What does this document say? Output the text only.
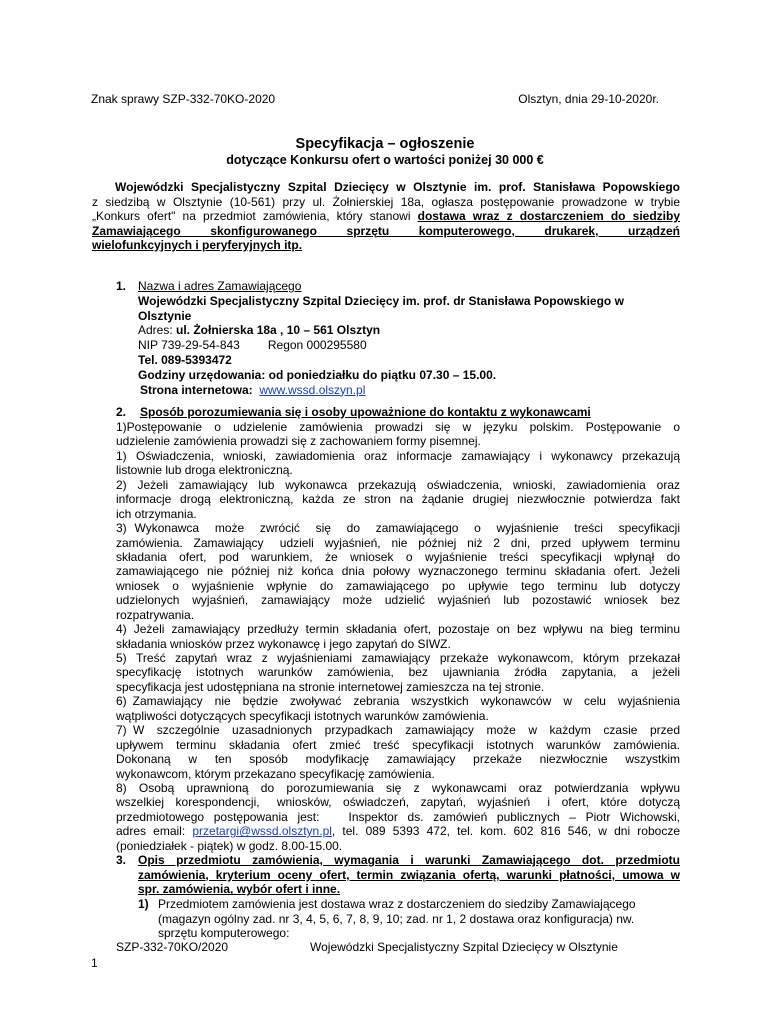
Znak sprawy SZP-332-70KO-2020	Olsztyn, dnia 29-10-2020r.
Specyfikacja – ogłoszenie
dotyczące Konkursu ofert o wartości poniżej 30 000 €
Wojewódzki Specjalistyczny Szpital Dziecięcy w Olsztynie im. prof. Stanisława Popowskiego
z siedzibą w Olsztynie (10-561) przy ul. Żołnierskiej 18a, ogłasza postępowanie prowadzone w trybie
„Konkurs ofert" na przedmiot zamówienia, który stanowi dostawa wraz z dostarczeniem do siedziby
Zamawiającego        skonfigurowanego        sprzętu        komputerowego,        drukarek,        urządzeń
wielofunkcyjnych i peryferyjnych itp.
1. Nazwa i adres Zamawiającego
Wojewódzki Specjalistyczny Szpital Dziecięcy im. prof. dr Stanisława Popowskiego w
Olsztynie
Adres: ul. Żołnierska 18a , 10 – 561 Olsztyn
NIP 739-29-54-843 Regon 000295580
Tel. 089-5393472
Godziny urzędowania: od poniedziałku do piątku 07.30 – 15.00.
Strona internetowa:  www.wssd.olszyn.pl
2. Sposób porozumiewania się i osoby upoważnione do kontaktu z wykonawcami
1)Postępowanie  o  udzielenie  zamówienia  prowadzi  się  w  języku  polskim.  Postępowanie  o
udzielenie zamówienia prowadzi się z zachowaniem formy pisemnej.
1) Oświadczenia, wnioski, zawiadomienia oraz informacje zamawiający i wykonawcy przekazują
listownie lub droga elektroniczną.
2) Jeżeli zamawiający lub wykonawca przekazują oświadczenia, wnioski, zawiadomienia oraz
informacje drogą elektroniczną, każda ze stron na żądanie drugiej niezwłocznie potwierdza fakt
ich otrzymania.
3) Wykonawca  może  zwrócić  się  do  zamawiającego  o  wyjaśnienie  treści  specyfikacji
zamówienia.  Zamawiający   udzieli  wyjaśnień,  nie  później  niż  2  dni,  przed  upływem  terminu
składania  ofert,  pod  warunkiem,  że  wniosek  o  wyjaśnienie  treści  specyfikacji  wpłynął  do
zamawiającego nie później niż końca dnia połowy wyznaczonego terminu składania ofert. Jeżeli
wniosek  o  wyjaśnienie  wpłynie  do  zamawiającego  po  upływie  tego  terminu  lub  dotyczy
udzielonych  wyjaśnień,  zamawiający  może  udzielić  wyjaśnień  lub  pozostawić  wniosek  bez
rozpatrywania.
4) Jeżeli zamawiający przedłuży termin składania ofert, pozostaje on bez wpływu na bieg terminu
składania wniosków przez wykonawcę i jego zapytań do SIWZ.
5) Treść zapytań wraz z wyjaśnieniami zamawiający przekaże wykonawcom, którym przekazał
specyfikację  istotnych  warunków  zamówienia,  bez  ujawniania  źródła  zapytania,  a  jeżeli
specyfikacja jest udostępniana na stronie internetowej zamieszcza na tej stronie.
6) Zamawiający  nie  będzie  zwoływać  zebrania  wszystkich  wykonawców  w  celu  wyjaśnienia
wątpliwości dotyczących specyfikacji istotnych warunków zamówienia.
7) W  szczególnie  uzasadnionych  przypadkach  zamawiający  może  w  każdym  czasie  przed
upływem  terminu  składania  ofert  zmieć  treść  specyfikacji  istotnych  warunków  zamówienia.
Dokonaną  w  ten  sposób  modyfikację  zamawiający  przekaże  niezwłocznie  wszystkim
wykonawcom, którym przekazano specyfikację zamówienia.
8) Osobą uprawnioną do porozumiewania się z wykonawcami oraz potwierdzania wpływu
wszelkiej  korespondencji,   wniosków,  oświadczeń,  zapytań,  wyjaśnień   i  ofert,  które  dotyczą
przedmiotowego postępowania jest:   Inspektor ds. zamówień publicznych – Piotr Wichowski,
adres email: przetargi@wssd.olsztyn.pl, tel. 089 5393 472, tel. kom. 602 816 546, w dni robocze
(poniedziałek - piątek) w godz. 8.00-15.00.
3. Opis  przedmiotu  zamówienia,  wymagania  i  warunki  Zamawiającego  dot.  przedmiotu
zamówienia, kryterium oceny ofert, termin związania ofertą, warunki płatności, umowa w
spr. zamówienia, wybór ofert i inne.
1) Przedmiotem zamówienia jest dostawa wraz z dostarczeniem do siedziby Zamawiającego
(magazyn ogólny zad. nr 3, 4, 5, 6, 7, 8, 9, 10; zad. nr 1, 2 dostawa oraz konfiguracja) nw.
sprzętu komputerowego:
SZP-332-70KO/2020	Wojewódzki Specjalistyczny Szpital Dziecięcy w Olsztynie
1
